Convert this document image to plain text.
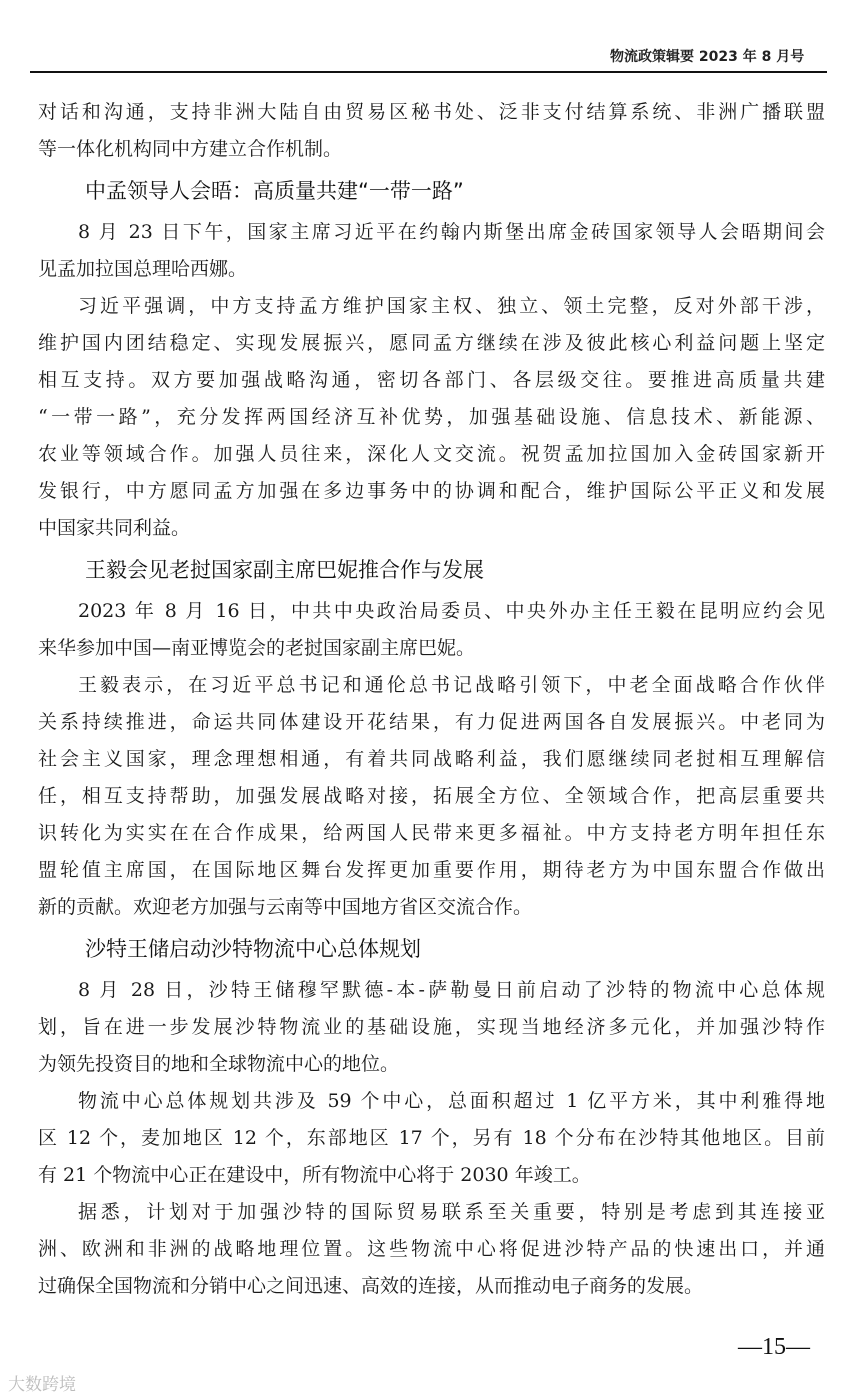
物流政策辑要 2023 年 8 月号
对话和沟通，支持非洲大陆自由贸易区秘书处、泛非支付结算系统、非洲广播联盟
等一体化机构同中方建立合作机制。
中孟领导人会晤：高质量共建“一带一路”
8 月 23 日下午，国家主席习近平在约翰内斯堡出席金砖国家领导人会晤期间会
见孟加拉国总理哈西娜。
习近平强调，中方支持孟方维护国家主权、独立、领土完整，反对外部干涉，
维护国内团结稳定、实现发展振兴，愿同孟方继续在涉及彼此核心利益问题上坚定
相互支持。双方要加强战略沟通，密切各部门、各层级交往。要推进高质量共建
“一带一路”，充分发挥两国经济互补优势，加强基础设施、信息技术、新能源、
农业等领域合作。加强人员往来，深化人文交流。祝贺孟加拉国加入金砖国家新开
发银行，中方愿同孟方加强在多边事务中的协调和配合，维护国际公平正义和发展
中国家共同利益。
王毅会见老挝国家副主席巴妮推合作与发展
2023 年 8 月 16 日，中共中央政治局委员、中央外办主任王毅在昆明应约会见
来华参加中国—南亚博览会的老挝国家副主席巴妮。
王毅表示，在习近平总书记和通伦总书记战略引领下，中老全面战略合作伙伴
关系持续推进，命运共同体建设开花结果，有力促进两国各自发展振兴。中老同为
社会主义国家，理念理想相通，有着共同战略利益，我们愿继续同老挝相互理解信
任，相互支持帮助，加强发展战略对接，拓展全方位、全领域合作，把高层重要共
识转化为实实在在合作成果，给两国人民带来更多福祉。中方支持老方明年担任东
盟轮值主席国，在国际地区舞台发挥更加重要作用，期待老方为中国东盟合作做出
新的贡献。欢迎老方加强与云南等中国地方省区交流合作。
沙特王储启动沙特物流中心总体规划
8 月 28 日，沙特王储穆罕默德-本-萨勒曼日前启动了沙特的物流中心总体规
划，旨在进一步发展沙特物流业的基础设施，实现当地经济多元化，并加强沙特作
为领先投资目的地和全球物流中心的地位。
物流中心总体规划共涉及 59 个中心，总面积超过 1 亿平方米，其中利雅得地
区 12 个，麦加地区 12 个，东部地区 17 个，另有 18 个分布在沙特其他地区。目前
有 21 个物流中心正在建设中，所有物流中心将于 2030 年竣工。
据悉，计划对于加强沙特的国际贸易联系至关重要，特别是考虑到其连接亚
洲、欧洲和非洲的战略地理位置。这些物流中心将促进沙特产品的快速出口，并通
过确保全国物流和分销中心之间迅速、高效的连接，从而推动电子商务的发展。
—15—
大数跨境
